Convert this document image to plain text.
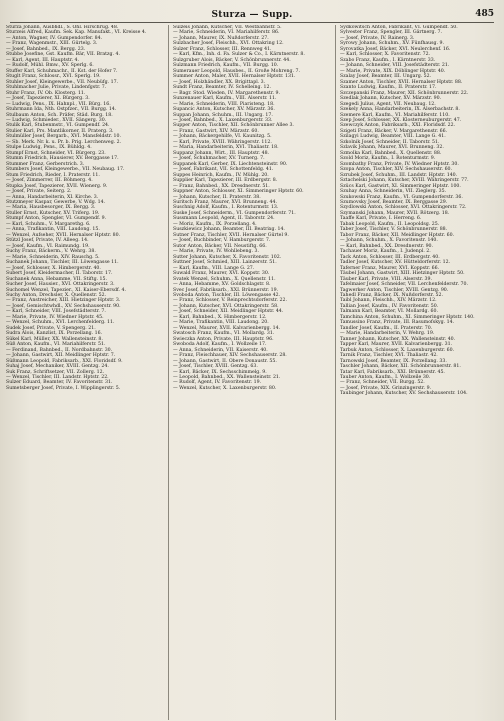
Sturza — Supp.	485

Sturza Johann, Ausbhdl., S. Ohl. Hirschrug. 48.

Sturzeis Alfred, Kaufm. Sek. Kap. Manufakt., VI. Kreisse 4.

— Anton, Wagner, IV. Gumpendorfer. 84.

— Franz, Wagenmstr., XIII. Gürtelg. 3.

— Josef, Bahnbed., IX. Bergg. 23.

Stubbe Josefine, Gst. Kaufm. Bär, VII. Bratzg. 4.

— Karl, Agent, III. Hauptstr. 4.

— Rudolf, Mühl. Bmw., XV. Sperlg. 6.

Stuffer Karl, Schuhmachr., II. Kst. der Hofer 7.

Stuglt Franz, Schlossr., XVI. Sperlg. 19.

Stuhler Josef, Kleingewerbe., VII. Neubüfg. 17.

Stuhlmacher Julie, Private, Lindenfgstr. 7.

Stuhr Franz, IV. Ob. Klosterg. 11.

— Josef, Tapezierer, XI. Bürgerg. 3.

— Ludwig, Pens., IX. Hahnpl., VII. Bürg. 16.

Stuhrmann Ida, Nth. Ostpfzer., VII. Burgg. 14.

Stulbaum Anton, Sch. Präfer, Städ. Burg. 18.

— Ludwig, Schmieder., XVII. Sängerg. 30.

Stulik Karl, Stubenmstr., VI. Gumpendf. 24.

Stulier Karl, Prs. Mantlikorner, II. Praterg. 3.

Stulmüller Josef, Bergarb., XVI. Mansfeldstr. 10.

— Sb. Merk. Nr. k. u. Pr. b. Prig. Lerchenweg. 2.

Stulpe Ludwig, Pens., IX. Bühldg. 4.

Stumpf Ernst, Schneider, VI. Bürgerg. 23.

Stumm Friedrich, Hausierer, XV. Berggasse 17.

Stummer Franz, Gerberstrich. 3.

Stumbers Josef, Kleingewerbe., VII. Neubaug. 17.

Stum Friedrich, Rieder, I. Praterstr. 11.

— Josef, Zimmerrer, III. Böhmerg. 4.

Stupka Josef, Tapezierer, XVII. Wienerg. 9.

— Josef, Private, Seiterg. 2.

— Anna, Handarbeiterin, XI. Kirche. 3.

Stutzmeyer Kaspar, Gewerbe, V. Wdg. 14.

— Maria, Hausbesorger, IX. Bergg. 3.

Stuller Ernst, Kutscher, XV. Triferg. 19.

Stumpf Anton, Spengler, VI. Gumpendf. 9.

— Karl, Schuhm., V. Margarethg. 6.

— Anna, Trafikantin, VIII. Laudong. 15.

— Wenzel, Aufseher, XVII. Hernalser Hptstr. 80.

Stützl Josef, Private, IV. Alleeg. 14.

— Josef, Kaufm., VI. Raimundg. 19.

Suchy Franz, Bäckerm., V. Wehrg. 38.

— Marie, Schneiderin, XIV. Rauschg. 5.

Suchanek Johann, Tischler, III. Löwengasse 11.

— Josef, Schlosser, X. Himbergerstr. 40.

Subert Josef, Kleidermacher, II. Taborstr. 17.

Suchanek Anna, Hebamme, VII. Stiftg. 15.

Sucher Josef, Hausier., XVI. Ottakringerstr. 3.

Suchomel Wenzel, Tapezier., XI. Kaiser-Ebersdf. 4.

Suchy Anton, Drechsler, X. Quellenstr. 52.

— Franz, Anstreicher, XIII. Hietzinger Hptstr. 3.

— Josef, Gemischtwhdl., XV. Sechshauserstr. 90.

— Karl, Schneider, VIII. Josefstädterstr. 7.

— Marie, Private, IV. Wiedner Hptstr. 45.

— Wenzel, Schuhm., XVI. Lerchenfelderg. 11.

Sudek Josef, Private, V. Spengerg. 21.

Sudra Alois, Kanzlist, IX. Porzellang. 16.

Sükel Karl, Müller, XX. Wallensteinstr. 8.

Süß Anton, Kaufm., VI. Mariahilferstr. 51.

— Ferdinand, Bahnbed., II. Nordbahnstr. 30.

— Johann, Gastwirt, XII. Meidlinger Hptstr. 7.

Süßmann Leopold, Fabriksarb., XXI. Floridsdf. 9.

Suhaj Josef, Mechaniker, XVIII. Gentzg. 24.

Suk Franz, Schriftsetzer, VII. Zollerg. 12.

— Wenzel, Tischler, III. Landstr. Hptstr. 22.

Sulzer Eduard, Beamter, IV. Favoritenstr. 31.

Sumetsberger Josef, Private, I. Wipplingerstr. 5.

Sulzeis Johann, Kutscher, VII. Westbahnstr. 5.

— Marie, Schneiderin, VI. Mariahilferstr. 86.

— Johann, Maurer, IX. Nußdorferstr. 27.

Sulzbacher Josef, Fleischh., XVI. Ottakring 12.

Sulzer Franz, Schlosser, III. Rennweg 41.

— Karl, Kfm., Inh. d. Fa. Sulzer & Co., I. Kärntnerstr. 8.

Sulzgruber Alois, Bäcker, V. Schönbrunnerstr. 44.

Sulzmann Friedrich, Kaufm., VII. Burgg. 10.

Sumerauer Leopold, Hausbes., II. Große Mohreng. 7.

Summer Anton, Maler, XVII. Hernalser Hptstr. 131.

— Josef, Holzhändler, XX. Brigittapl. 3.

Sundt Franz, Beamter, IV. Schelleing. 12.

— Bagr. Stod. Wieden, IV. Margarethenstr. 9.

Sunzenauer Karl, Kaufm., VIII. Alserstr. 11.

— Marie, Schneiderin, VIII. Piaristeng. 18.

Supancic Anton, Kutscher, XV. Märzstr. 36.

Suppan Johann, Schuhm., III. Ungarg. 17.

— Josef, Bahnbed., X. Laxenburgerstr. 33.

Supper Anton, Tischler, XII. Schönbrunner Allee 3.

— Franz, Gastwirt, XIV. Märzstr. 60.

— Johann, Bäckergehilfe, VI. Kaunitzg. 5.

— Karl, Private, XVIII. Währingerstr. 112.

— Maria, Handarbeiterin, XVI. Thaliastr. 18.

Suppanz Johann, Wirt., III. Hauptstr. 48.

— Josef, Schuhmacher, XV. Turnerg. 7.

Suppanek Karl, Gerber, IX. Liechtensteinstr. 90.

— Josef, Fabrikant, VII. Schottenfeldg. 41.

Suppes Heinrich, Kaufm., IV. Mühlg. 20.

Supplier Karl, Tapezierer, III. Erdbergstr. 8.

— Franz, Bahnbed., XX. Dresdnerstr. 51.

Suppner Anton, Schlosser, XI. Simmeringer Hptstr. 60.

— Johann, Kutscher, II. Praterstr. 38.

Suritsch Franz, Maurer, XVI. Brunneng. 44.

Suschnig Adolf, Kaufm., I. Rotenturmstr. 13.

Suske Josef, Schneiderm., VI. Gumpendorferstr. 71.

Sussmann Leopold, Agent, II. Taborstr. 24.

— Moriz, Kaufm., IX. Porzellang. 4.

Suszkiewicz Johann, Beamter, III. Beatrixg. 14.

Sutner Franz, Tischler, XVII. Hernalser Gürtel 9.

— Josef, Buchbinder, V. Hamburgerstr. 7.

Sutor Anton, Bäcker, VII. Neustiftg. 66.

— Marie, Private, IV. Wohllebeng. 3.

Sutter Johann, Kutscher, X. Favoritenstr. 102.

Suttner Josef, Schmied, XIII. Lainzerstr. 51.

— Karl, Kaufm., VIII. Lange G. 27.

Suwald Franz, Maurer, XVI. Koppstr. 30.

Svatek Wenzel, Schuhm., X. Quellenstr. 11.

— Anna, Hebamme, XV. Goldschlagstr. 8.

Svec Josef, Fabriksarb., XXI. Brünnerstr. 19.

Svoboda Anton, Tischler, III. Löwengasse 42.

— Franz, Schlosser, V. Reinprechtsdorferstr. 22.

— Johann, Kutscher, XVI. Ottakringerstr. 58.

— Josef, Schneider, XII. Meidlinger Hptstr. 44.

— Karl, Bahnbed., X. Himbergerstr. 12.

— Marie, Trafikantin, VIII. Laudong. 20.

— Wenzel, Maurer, XVII. Kalvarienbergg. 14.

Swatosch Franz, Kaufm., VI. Mollardg. 31.

Swieczka Anton, Private, III. Hauptstr. 96.

Swoboda Adolf, Kaufm., I. Wollzeile 17.

— Anna, Schneiderin, VII. Kaiserstr. 40.

— Franz, Fleischhauer, XIV. Sechshauserstr. 28.

— Johann, Gastwirt, II. Obere Donaustr. 55.

— Josef, Tischler, XVIII. Gentzg. 63.

— Karl, Bäcker, IX. Sechsschimmelg. 9.

— Leopold, Bahnbed., XX. Wallensteinstr. 21.

— Rudolf, Agent, IV. Favoritenstr. 19.

— Wenzel, Kutscher, X. Laxenburgerstr. 80.

Sydkowitsch Anton, Fabrikant, VI. Gumpendf. 50.

Sylvester Franz, Spengler, III. Gärtnerg. 7.

— Josef, Private, IV. Rainerg. 3.

Syrowy Johann, Schuhm., XV. Fünfhausg. 9.

Syrovatka Josef, Bäcker, XVI. Neulerchenf. 16.

— Karl, Schlosser, X. Favoritenstr. 72.

Szabo Franz, Kaufm., I. Kärntnerstr. 33.

— Johann, Schneider, VIII. Josefstädterstr. 21.

— Marie, Private, XIX. Döblinger Hptstr. 40.

Szalay Josef, Beamter, III. Ungarg. 52.

Szamer Anton, Tischler, XVII. Hernalser Hptstr. 88.

Szanto Ludwig, Kaufm., II. Praterstr. 17.

Szczepanski Franz, Maurer, XII. Schönbrunnerstr. 22.

Szedlak Johann, Kutscher, XV. Märzstr. 90.

Szegedi Julius, Agent, VII. Neubaug. 12.

Szekely Anna, Handarbeiterin, IX. Alserbachstr. 8.

Szemere Karl, Kaufm., VI. Mariahilferstr. 110.

Szep Josef, Schlosser, XX. Klosterneuburgerstr. 47.

Szewczyk Anton, Fabriksarb., XXI. Floridsdf. 22.

Szigeti Franz, Bäcker, V. Margarethenstr. 66.

Szilagyi Ludwig, Beamter, VIII. Lange G. 41.

Szkolnik Josef, Schneider, II. Taborstr. 51.

Szlavik Johann, Maurer, XVI. Brunneng. 32.

Szmolka Karl, Bahnbed., X. Quellenstr. 88.

Szold Moriz, Kaufm., I. Rotenturmstr. 9.

Szombathy Franz, Private, IV. Wiedner Hptstr. 30.

Szopa Anton, Tischler, XIV. Sechshauserstr. 60.

Szrubek Josef, Schuhm., III. Landstr. Hptstr. 140.

Sztachelski Johann, Kutscher, XVIII. Währingerstr. 77.

Szücs Karl, Gastwirt, XI. Simmeringer Hptstr. 100.

Szuhay Anna, Schneiderin, VII. Zieglerg. 35.

Szukowski Franz, Kaufm., VI. Gumpendorferstr. 36.

Szumovsky Josef, Beamter, IX. Berggasse 29.

Szydlowski Anton, Schlosser, XVI. Ottakringerstr. 72.

Szymanski Johann, Maurer, XVII. Rötzerg. 18.

Taaffe Karl, Private, I. Herreng. 6.

Tabak Leopold, Kaufm., II. Leopoldsg. 25.

Taber Josef, Tischler, V. Schönbrunnerstr. 88.

Tabor Franz, Bäcker, XII. Meidlinger Hptstr. 60.

— Johann, Schuhm., X. Favoritenstr. 140.

— Karl, Bahnbed., XX. Dresdnerstr. 90.

Tachauer Moriz, Kaufm., I. Judenpl. 2.

Tack Anton, Schlosser, III. Erdbergstr. 40.

Tadler Josef, Kutscher, XV. Hütteldorferstr. 12.

Taferner Franz, Maurer, XVI. Koppstr. 66.

Täubel Johann, Gastwirt, XIII. Hietzinger Hptstr. 50.

Täuber Karl, Private, VIII. Alserstr. 39.

Tafelmaier Josef, Schneider, VII. Lerchenfelderstr. 70.

Tagwerker Anton, Tischler, XVIII. Gentzg. 90.

Tahedl Franz, Bäcker, IX. Nußdorferstr. 52.

Taibl Johann, Fleischh., XIV. Märzstr. 12.

Tallian Josef, Kaufm., IV. Favoritenstr. 50.

Talmann Karl, Beamter, VI. Mollardg. 60.

Tamchina Anton, Schuhm., XI. Simmeringer Hptstr. 140.

Tamussino Franz, Private, III. Rasumofskyg. 14.

Tandler Josef, Kaufm., II. Praterstr. 70.

— Marie, Handarbeiterin, V. Wehrg. 19.

Tanner Johann, Kutscher, XX. Wallensteinstr. 40.

Tapper Karl, Maurer, XVII. Kalvarienbergg. 31.

Tarbuk Anton, Schlosser, X. Laxenburgerstr. 60.

Tarnik Franz, Tischler, XVI. Thaliastr. 42.

Tarnowski Josef, Beamter, IX. Porzellang. 33.

Taschler Johann, Bäcker, XII. Schönbrunnerstr. 81.

Tatar Karl, Fabriksarb., XXI. Brünnerstr. 45.

Tauber Anton, Kaufm., I. Wollzeile 30.

— Franz, Schneider, VII. Burgg. 52.

— Josef, Private, XIX. Grinzingerstr. 9.

Taubinger Johann, Kutscher, XV. Sechshauserstr. 104.
